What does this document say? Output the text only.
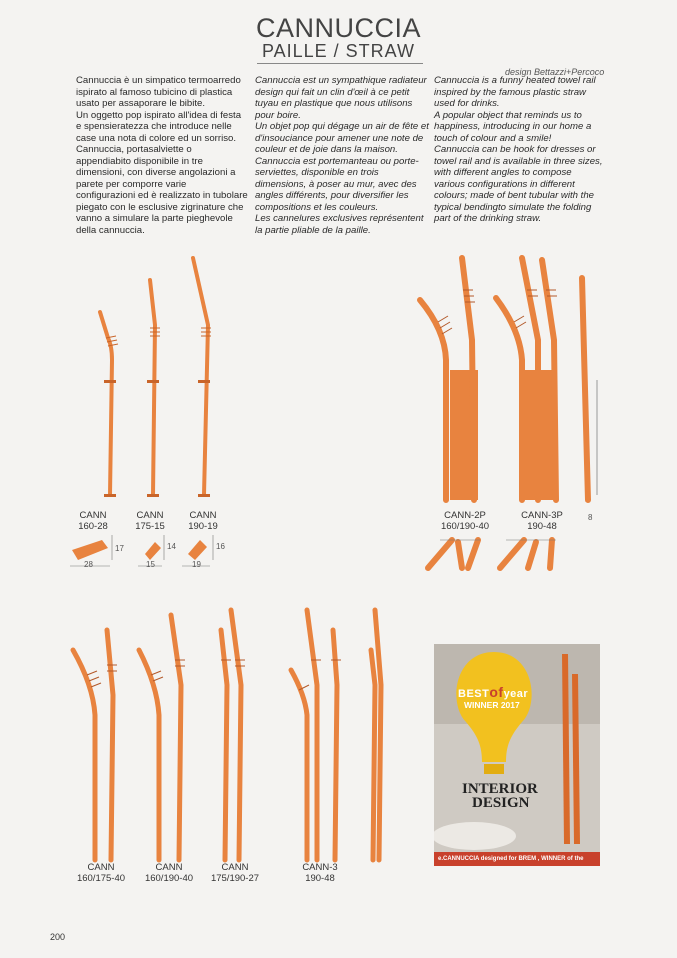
CANNUCCIA
PAILLE / STRAW
design Bettazzi+Percoco

Cannuccia è un simpatico termoarredo ispirato al famoso tubicino di plastica usato per assaporare le bibite.

Un oggetto pop ispirato all'idea di festa e spensieratezza che introduce nelle case una nota di colore ed un sorriso.

Cannuccia, portasalviette o appendiabito disponibile in tre dimensioni, con diverse angolazioni a parete per comporre varie configurazioni ed è realizzato in tubolare piegato con le esclusive zigrinature che vanno a simulare la parte pieghevole della cannuccia.

Cannuccia est un sympathique radiateur design qui fait un clin d'œil à ce petit tuyau en plastique que nous utilisons pour boire.

Un objet pop qui dégage un air de fête et d'insouciance pour amener une note de couleur et de joie dans la maison.

Cannuccia est portemanteau ou porte-serviettes, disponible en trois dimensions, à poser au mur, avec des angles différents, pour diversifier les compositions et les couleurs.

Les cannelures exclusives représentent la partie pliable de la paille.

Cannuccia is a funny heated towel rail inspired by the famous plastic straw used for drinks.

A popular object that reminds us to happiness, introducing in our home a touch of colour and a smile!

Cannuccia can be hook for dresses or towel rail and is available in three sizes, with different angles to compose various configurations in different colours; made of bent tubular with the typical bendingto simulate the folding part of the drinking straw.

CANN
160-28
CANN
175-15
CANN
190-19
28
17
15
14
19
16
CANN-2P
160/190-40
CANN-3P
190-48
8
CANN
160/175-40
CANN
160/190-40
CANN
175/190-27
CANN-3
190-48
BESTofyear
WINNER 2017
INTERIOR
DESIGN
e.CANNUCCIA designed for BREM , WINNER of the
200
